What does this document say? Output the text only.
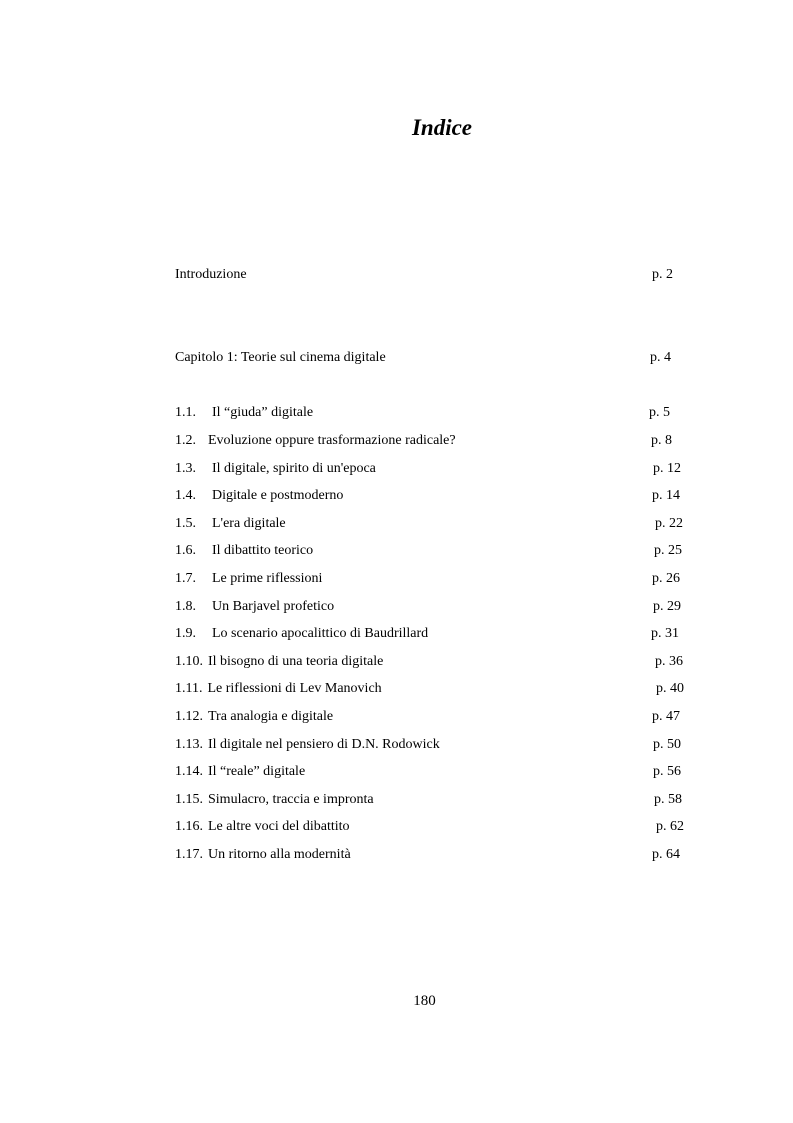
Indice
Introduzione	p. 2
Capitolo 1: Teorie sul cinema digitale	p. 4
1.1. Il “giuda” digitale	p. 5
1.2. Evoluzione oppure trasformazione radicale?	p. 8
1.3. Il digitale, spirito di un'epoca	p. 12
1.4. Digitale e postmoderno	p. 14
1.5. L'era digitale	p. 22
1.6. Il dibattito teorico	p. 25
1.7. Le prime riflessioni	p. 26
1.8. Un Barjavel profetico	p. 29
1.9. Lo scenario apocalittico di Baudrillard	p. 31
1.10. Il bisogno di una teoria digitale	p. 36
1.11. Le riflessioni di Lev Manovich	p. 40
1.12. Tra analogia e digitale	p. 47
1.13. Il digitale nel pensiero di D.N. Rodowick	p. 50
1.14. Il “reale” digitale	p. 56
1.15. Simulacro, traccia e impronta	p. 58
1.16. Le altre voci del dibattito	p. 62
1.17. Un ritorno alla modernità	p. 64
180
